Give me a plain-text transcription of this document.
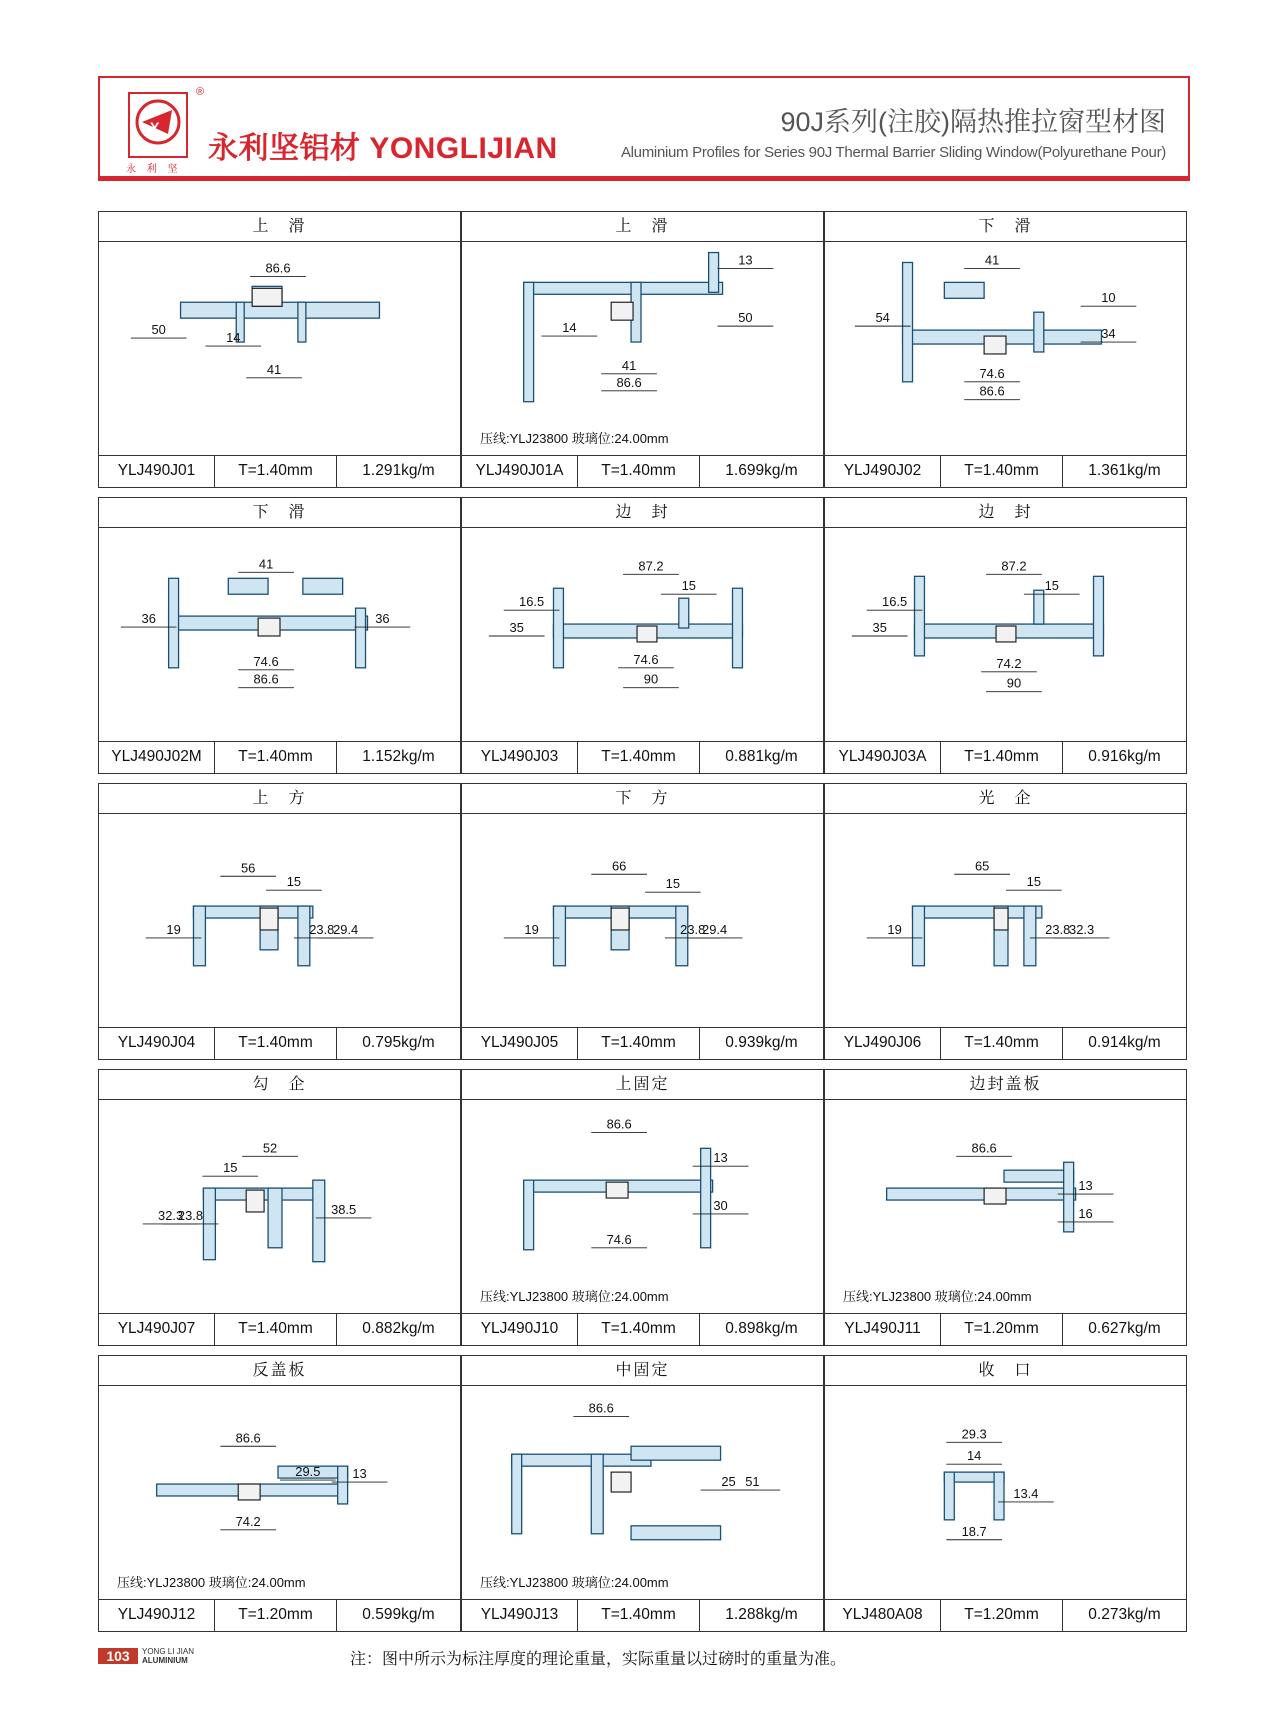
Y
®
永 利 坚
永利坚铝材 YONGLIJIAN
90J系列(注胶)隔热推拉窗型材图
Aluminium Profiles for Series 90J Thermal Barrier Sliding Window(Polyurethane Pour)
上　滑
86.6
50
14
41
YLJ490J01	T=1.40mm	1.291kg/m
上　滑
13
50
14
41
86.6
压线:YLJ23800 玻璃位:24.00mm
YLJ490J01A	T=1.40mm	1.699kg/m
下　滑
41
54
10
34
74.6
86.6
YLJ490J02	T=1.40mm	1.361kg/m
下　滑
41
36	36
74.6
86.6
YLJ490J02M	T=1.40mm	1.152kg/m
边　封
87.2
15
16.5
35
74.6
90
YLJ490J03	T=1.40mm	0.881kg/m
边　封
87.2
15
16.5
35
74.2
90
YLJ490J03A	T=1.40mm	0.916kg/m
上　方
56
15
19	23.8
29.4
YLJ490J04	T=1.40mm	0.795kg/m
下　方
66
15
19	23.8
29.4
YLJ490J05	T=1.40mm	0.939kg/m
光　企
65
15
19	23.8
32.3
YLJ490J06	T=1.40mm	0.914kg/m
勾　企
52
15
32.3
23.8	38.5
YLJ490J07	T=1.40mm	0.882kg/m
上固定
86.6
13
30
74.6
压线:YLJ23800 玻璃位:24.00mm
YLJ490J10	T=1.40mm	0.898kg/m
边封盖板
86.6
13
16
压线:YLJ23800 玻璃位:24.00mm
YLJ490J11	T=1.20mm	0.627kg/m
反盖板
86.6
29.5 13
74.2
压线:YLJ23800 玻璃位:24.00mm
YLJ490J12	T=1.20mm	0.599kg/m
中固定
86.6
25 51
压线:YLJ23800 玻璃位:24.00mm
YLJ490J13	T=1.40mm	1.288kg/m
收　口
29.3
14
13.4
18.7
YLJ480A08	T=1.20mm	0.273kg/m
103	YONG LI JIAN
ALUMINIUM	注：图中所示为标注厚度的理论重量，实际重量以过磅时的重量为准。
